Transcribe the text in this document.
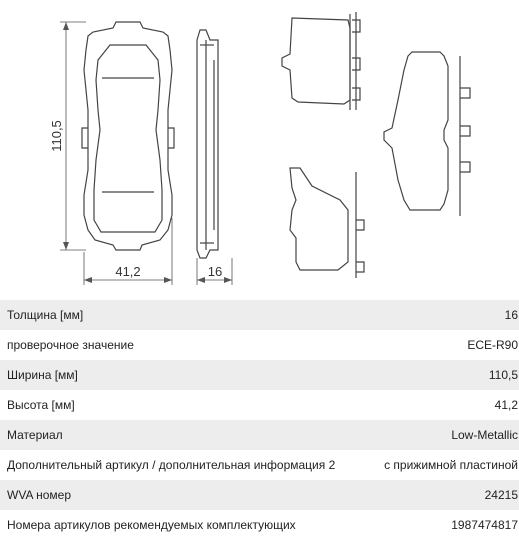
110,5
41,2	16
Толщина [мм]	16
проверочное значение	ECE-R90
Ширина [мм]	110,5
Высота [мм]	41,2
Материал	Low-Metallic
Дополнительный артикул / дополнительная информация 2	с прижимной пластиной
WVA номер	24215
Номера артикулов рекомендуемых комплектующих	1987474817
